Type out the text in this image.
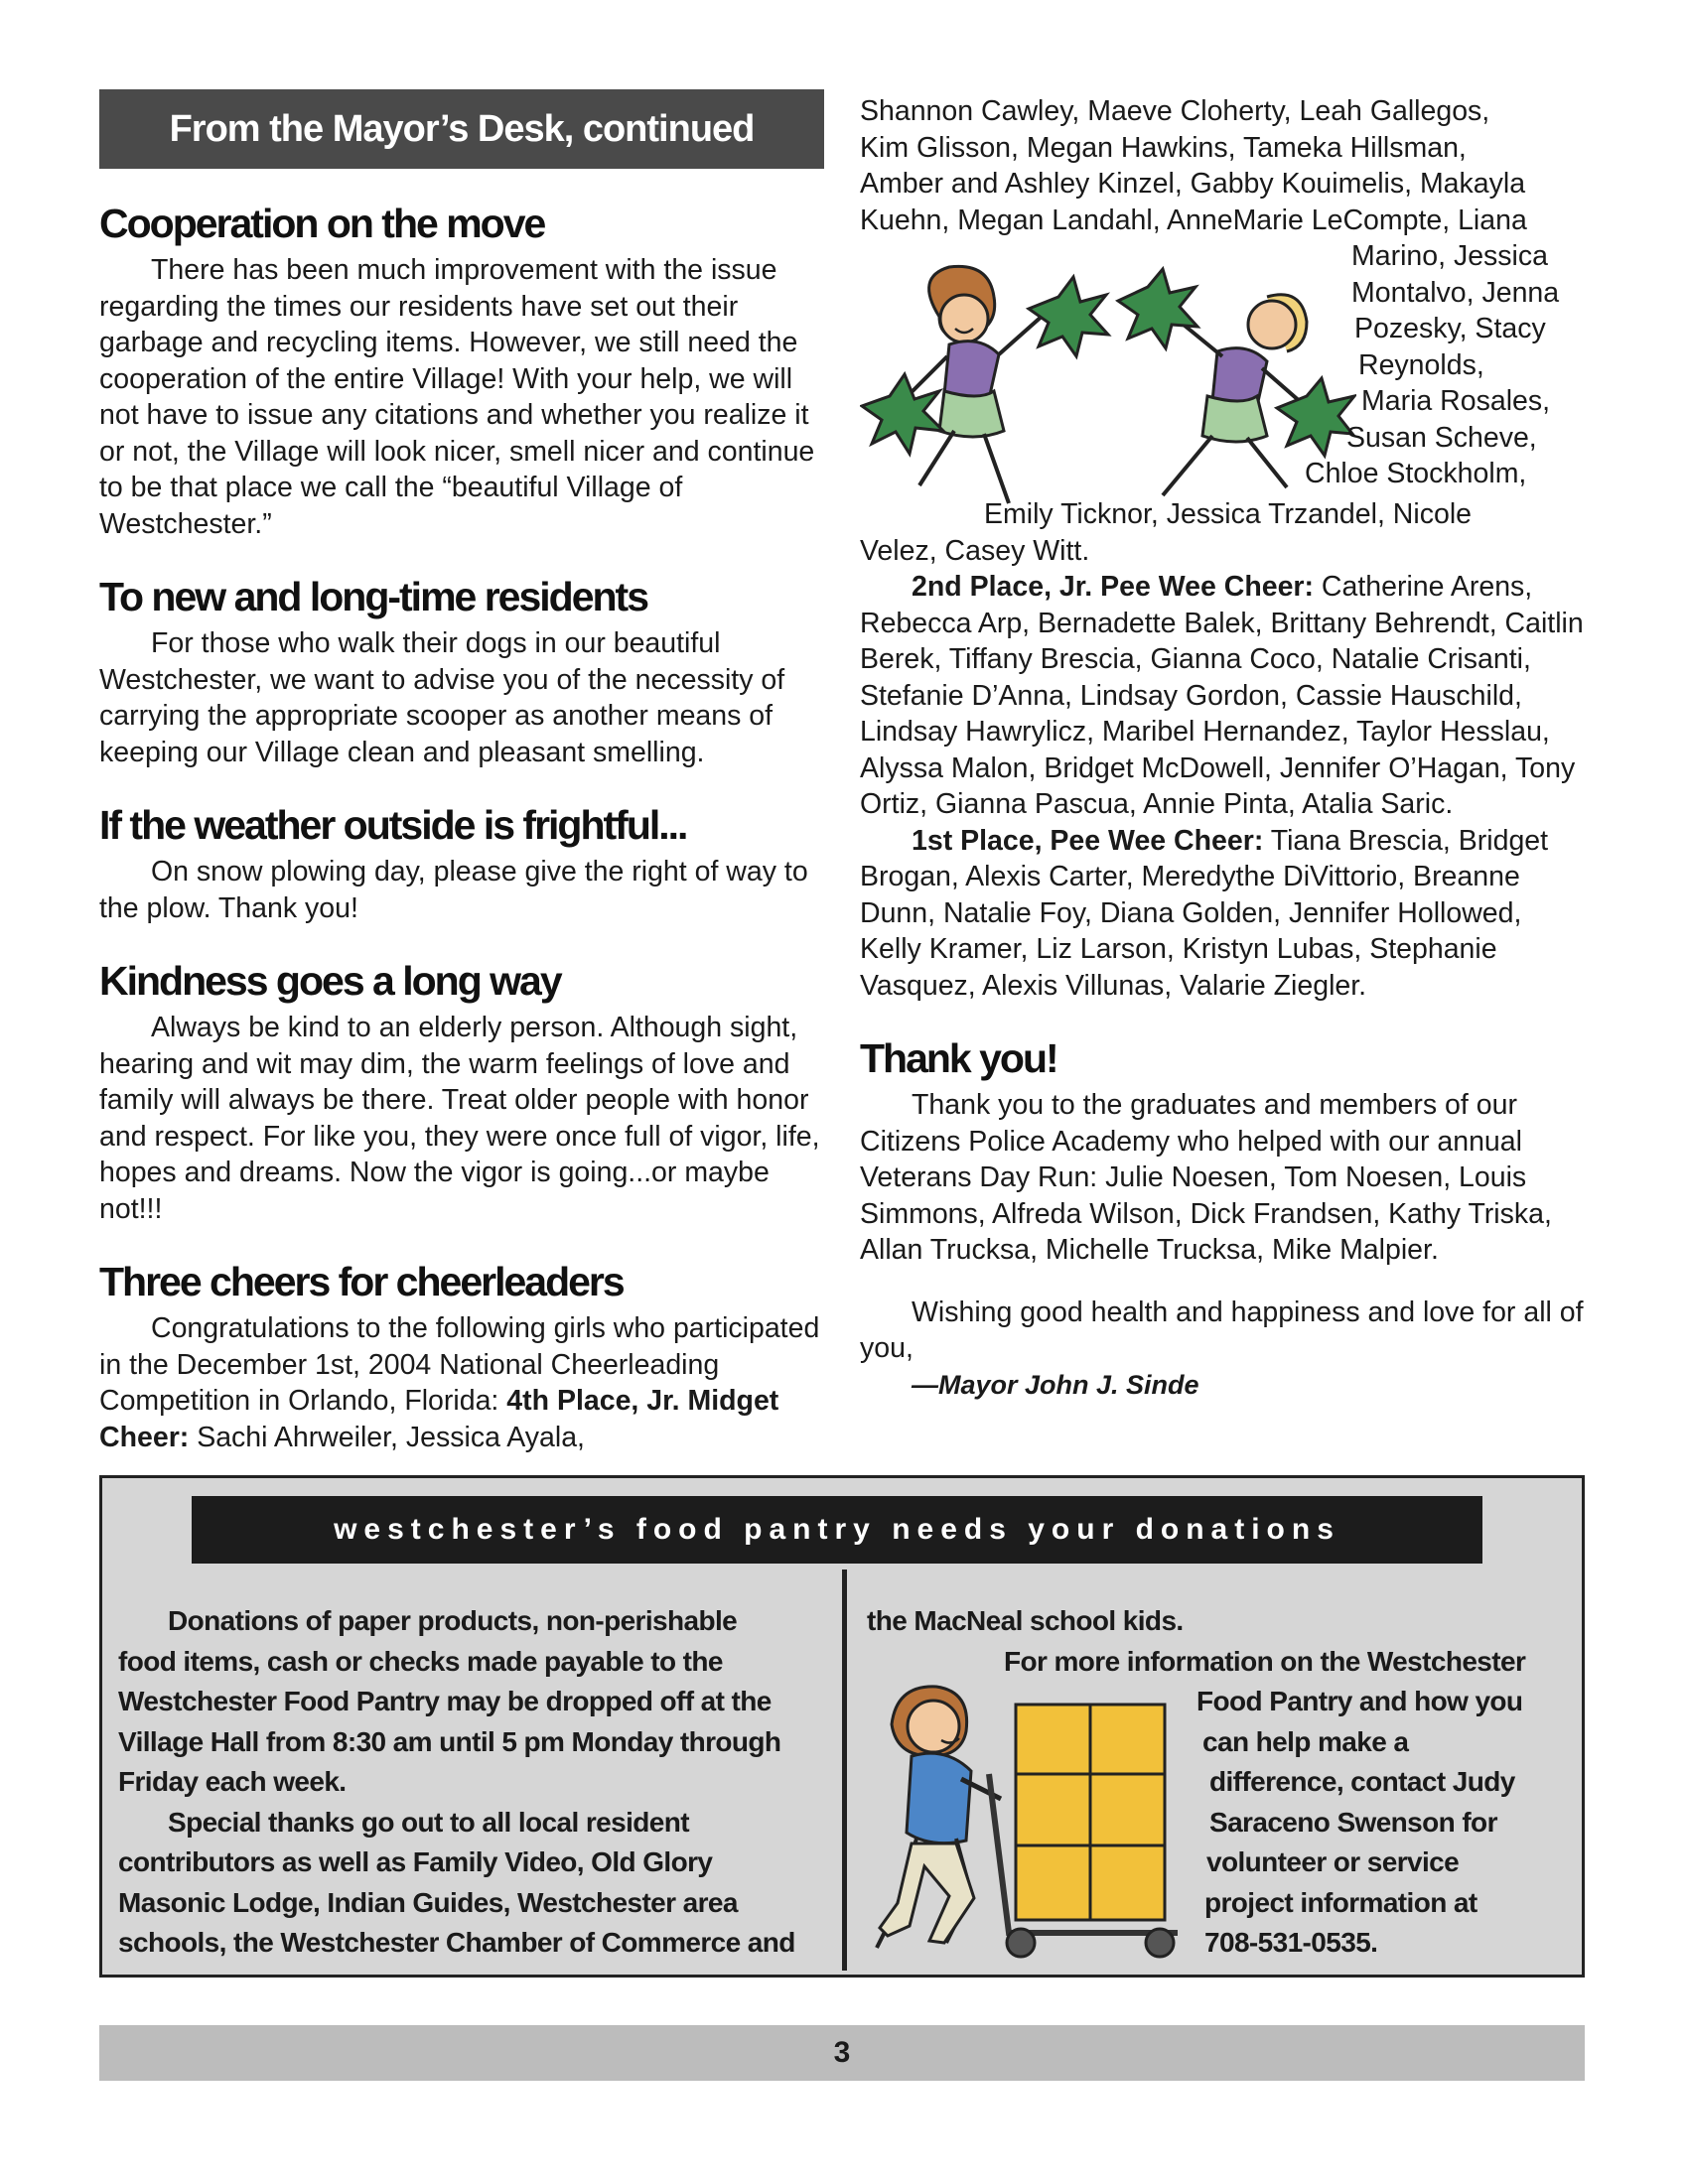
From the Mayor’s Desk, continued
Cooperation on the move

There has been much improvement with the issue regarding the times our residents have set out their garbage and recycling items. However, we still need the cooperation of the entire Village! With your help, we will not have to issue any citations and whether you realize it or not, the Village will look nicer, smell nicer and continue to be that place we call the “beautiful Village of Westchester.”

To new and long-time residents

For those who walk their dogs in our beautiful Westchester, we want to advise you of the necessity of carrying the appropriate scooper as another means of keeping our Village clean and pleasant smelling.

If the weather outside is frightful...

On snow plowing day, please give the right of way to the plow. Thank you!

Kindness goes a long way

Always be kind to an elderly person. Although sight, hearing and wit may dim, the warm feelings of love and family will always be there. Treat older people with honor and respect. For like you, they were once full of vigor, life, hopes and dreams. Now the vigor is going...or maybe not!!!

Three cheers for cheerleaders

Congratulations to the following girls who participated in the December 1st, 2004 National Cheerleading Competition in Orlando, Florida: 4th Place, Jr. Midget Cheer: Sachi Ahrweiler, Jessica Ayala,

Shannon Cawley, Maeve Cloherty, Leah Gallegos,
Kim Glisson, Megan Hawkins, Tameka Hillsman,
Amber and Ashley Kinzel, Gabby Kouimelis, Makayla
Kuehn, Megan Landahl, AnneMarie LeCompte, Liana
Marino, Jessica
Montalvo, Jenna
Pozesky, Stacy
Reynolds,
Maria Rosales,
Susan Scheve,
Chloe Stockholm,
Emily Ticknor, Jessica Trzandel, Nicole
Velez, Casey Witt.

2nd Place, Jr. Pee Wee Cheer: Catherine Arens, Rebecca Arp, Bernadette Balek, Brittany Behrendt, Caitlin Berek, Tiffany Brescia, Gianna Coco, Natalie Crisanti, Stefanie D’Anna, Lindsay Gordon, Cassie Hauschild, Lindsay Hawrylicz, Maribel Hernandez, Taylor Hesslau, Alyssa Malon, Bridget McDowell, Jennifer O’Hagan, Tony Ortiz, Gianna Pascua, Annie Pinta, Atalia Saric.

1st Place, Pee Wee Cheer: Tiana Brescia, Bridget Brogan, Alexis Carter, Meredythe DiVittorio, Breanne Dunn, Natalie Foy, Diana Golden, Jennifer Hollowed, Kelly Kramer, Liz Larson, Kristyn Lubas, Stephanie Vasquez, Alexis Villunas, Valarie Ziegler.

Thank you!

Thank you to the graduates and members of our Citizens Police Academy who helped with our annual Veterans Day Run: Julie Noesen, Tom Noesen, Louis Simmons, Alfreda Wilson, Dick Frandsen, Kathy Triska, Allan Trucksa, Michelle Trucksa, Mike Malpier.

Wishing good health and happiness and love for all of you,

—Mayor John J. Sinde

westchester’s food pantry needs your donations
Donations of paper products, non-perishable
food items, cash or checks made payable to the
Westchester Food Pantry may be dropped off at the
Village Hall from 8:30 am until 5 pm Monday through
Friday each week.
Special thanks go out to all local resident
contributors as well as Family Video, Old Glory
Masonic Lodge, Indian Guides, Westchester area
schools, the Westchester Chamber of Commerce and
the MacNeal school kids.
For more information on the Westchester
Food Pantry and how you
can help make a
difference, contact Judy
Saraceno Swenson for
volunteer or service
project information at
708-531-0535.
3
